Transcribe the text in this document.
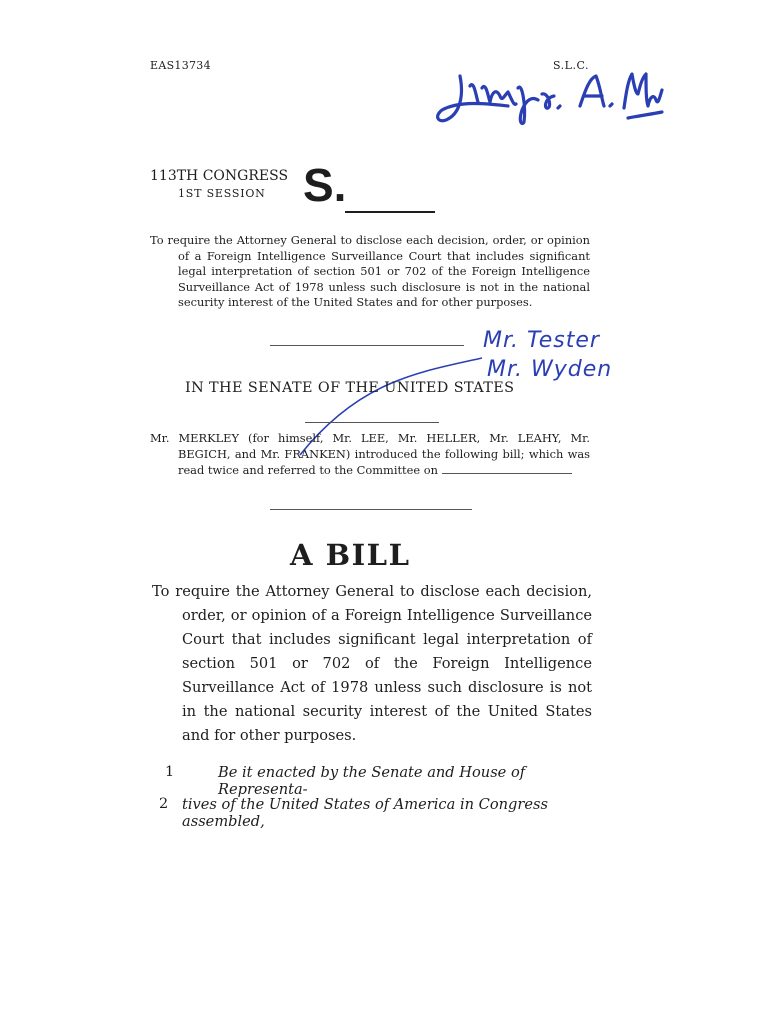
EAS13734	S.L.C.
Jeffrey A. Merkley
113TH CONGRESS
1ST SESSION S.
To require the Attorney General to disclose each decision, order, or opinion of a Foreign Intelligence Surveillance Court that includes significant legal interpretation of section 501 or 702 of the Foreign Intelligence Surveillance Act of 1978 unless such disclosure is not in the national security interest of the United States and for other purposes.
Mr. Tester
Mr. Wyden
IN THE SENATE OF THE UNITED STATES
Mr. MERKLEY (for himself, Mr. LEE, Mr. HELLER, Mr. LEAHY, Mr. BEGICH, and Mr. FRANKEN) introduced the following bill; which was read twice and referred to the Committee on
A BILL
To require the Attorney General to disclose each decision, order, or opinion of a Foreign Intelligence Surveillance Court that includes significant legal interpretation of section 501 or 702 of the Foreign Intelligence Surveillance Act of 1978 unless such disclosure is not in the national security interest of the United States and for other purposes.
1	Be it enacted by the Senate and House of Representa-
2 tives of the United States of America in Congress assembled,
